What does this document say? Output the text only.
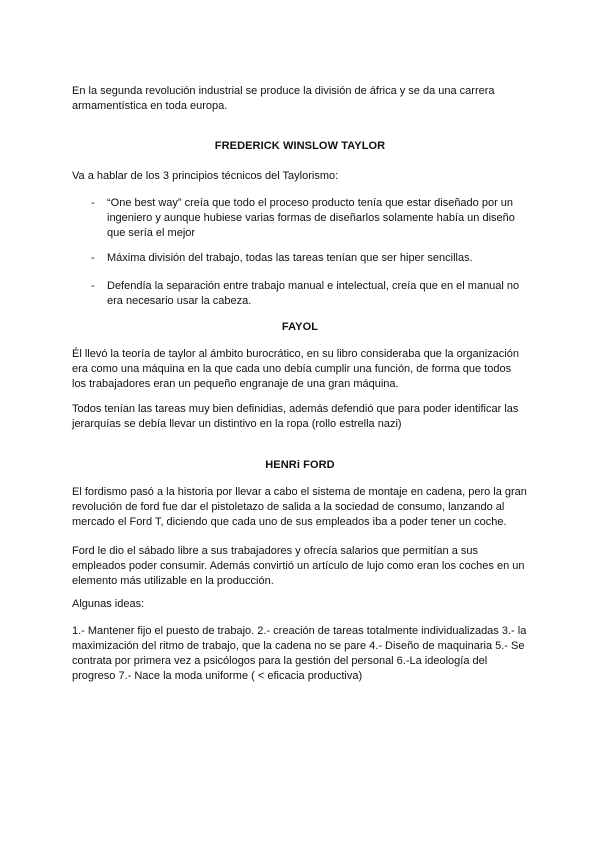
En la segunda revolución industrial se produce la división de áfrica y se da una carrera armamentística en toda europa.

FREDERICK WINSLOW TAYLOR

Va a hablar de los 3 principios técnicos del Taylorismo:

- “One best way” creía que todo el proceso producto tenía que estar diseñado por un ingeniero y aunque hubiese varias formas de diseñarlos solamente había un diseño que sería el mejor
- Máxima división del trabajo, todas las tareas tenían que ser hiper sencillas.
- Defendía la separación entre trabajo manual e intelectual, creía que en el manual no era necesario usar la cabeza.
FAYOL

Él llevó la teoría de taylor al ámbito burocrático, en su libro consideraba que la organización era como una máquina en la que cada uno debía cumplir una función, de forma que todos los trabajadores eran un pequeño engranaje de una gran máquina.

Todos tenían las tareas muy bien definidias, además defendió que para poder identificar las jerarquías se debía llevar un distintivo en la ropa (rollo estrella nazi)

HENRi FORD

El fordismo pasó a la historia por llevar a cabo el sistema de montaje en cadena, pero la gran revolución de ford fue dar el pistoletazo de salida a la sociedad de consumo, lanzando al mercado el Ford T, diciendo que cada uno de sus empleados iba a poder tener un coche.

Ford le dio el sábado libre a sus trabajadores y ofrecía salarios que permitían a sus empleados poder consumir. Además convirtió un artículo de lujo como eran los coches en un elemento más utilizable en la producción.

Algunas ideas:

1.- Mantener fijo el puesto de trabajo. 2.- creación de tareas totalmente individualizadas 3.- la maximización del ritmo de trabajo, que la cadena no se pare 4.- Diseño de maquinaria 5.- Se contrata por primera vez a psicólogos para la gestión del personal 6.-La ideología del progreso 7.- Nace la moda uniforme ( < eficacia productiva)
